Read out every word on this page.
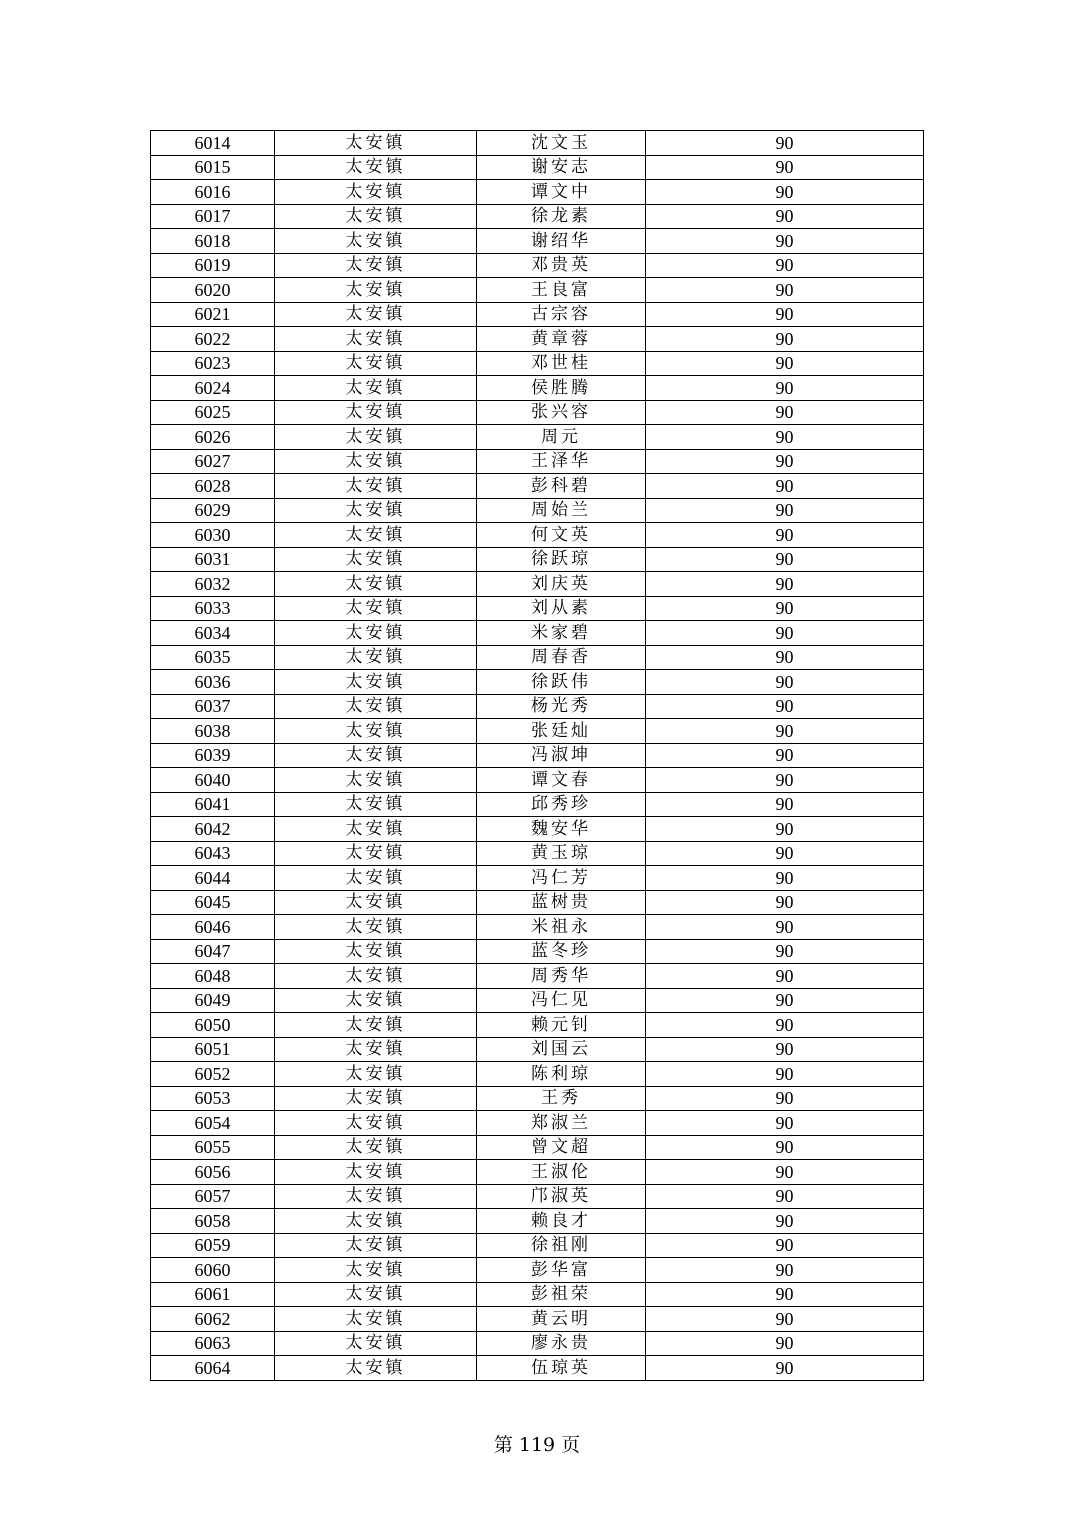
6014	太安镇	沈文玉	90
6015	太安镇	谢安志	90
6016	太安镇	谭文中	90
6017	太安镇	徐龙素	90
6018	太安镇	谢绍华	90
6019	太安镇	邓贵英	90
6020	太安镇	王良富	90
6021	太安镇	古宗容	90
6022	太安镇	黄章蓉	90
6023	太安镇	邓世桂	90
6024	太安镇	侯胜腾	90
6025	太安镇	张兴容	90
6026	太安镇	周元	90
6027	太安镇	王泽华	90
6028	太安镇	彭科碧	90
6029	太安镇	周始兰	90
6030	太安镇	何文英	90
6031	太安镇	徐跃琼	90
6032	太安镇	刘庆英	90
6033	太安镇	刘从素	90
6034	太安镇	米家碧	90
6035	太安镇	周春香	90
6036	太安镇	徐跃伟	90
6037	太安镇	杨光秀	90
6038	太安镇	张廷灿	90
6039	太安镇	冯淑坤	90
6040	太安镇	谭文春	90
6041	太安镇	邱秀珍	90
6042	太安镇	魏安华	90
6043	太安镇	黄玉琼	90
6044	太安镇	冯仁芳	90
6045	太安镇	蓝树贵	90
6046	太安镇	米祖永	90
6047	太安镇	蓝冬珍	90
6048	太安镇	周秀华	90
6049	太安镇	冯仁见	90
6050	太安镇	赖元钊	90
6051	太安镇	刘国云	90
6052	太安镇	陈利琼	90
6053	太安镇	王秀	90
6054	太安镇	郑淑兰	90
6055	太安镇	曾文超	90
6056	太安镇	王淑伦	90
6057	太安镇	邝淑英	90
6058	太安镇	赖良才	90
6059	太安镇	徐祖刚	90
6060	太安镇	彭华富	90
6061	太安镇	彭祖荣	90
6062	太安镇	黄云明	90
6063	太安镇	廖永贵	90
6064	太安镇	伍琼英	90
第 119 页
